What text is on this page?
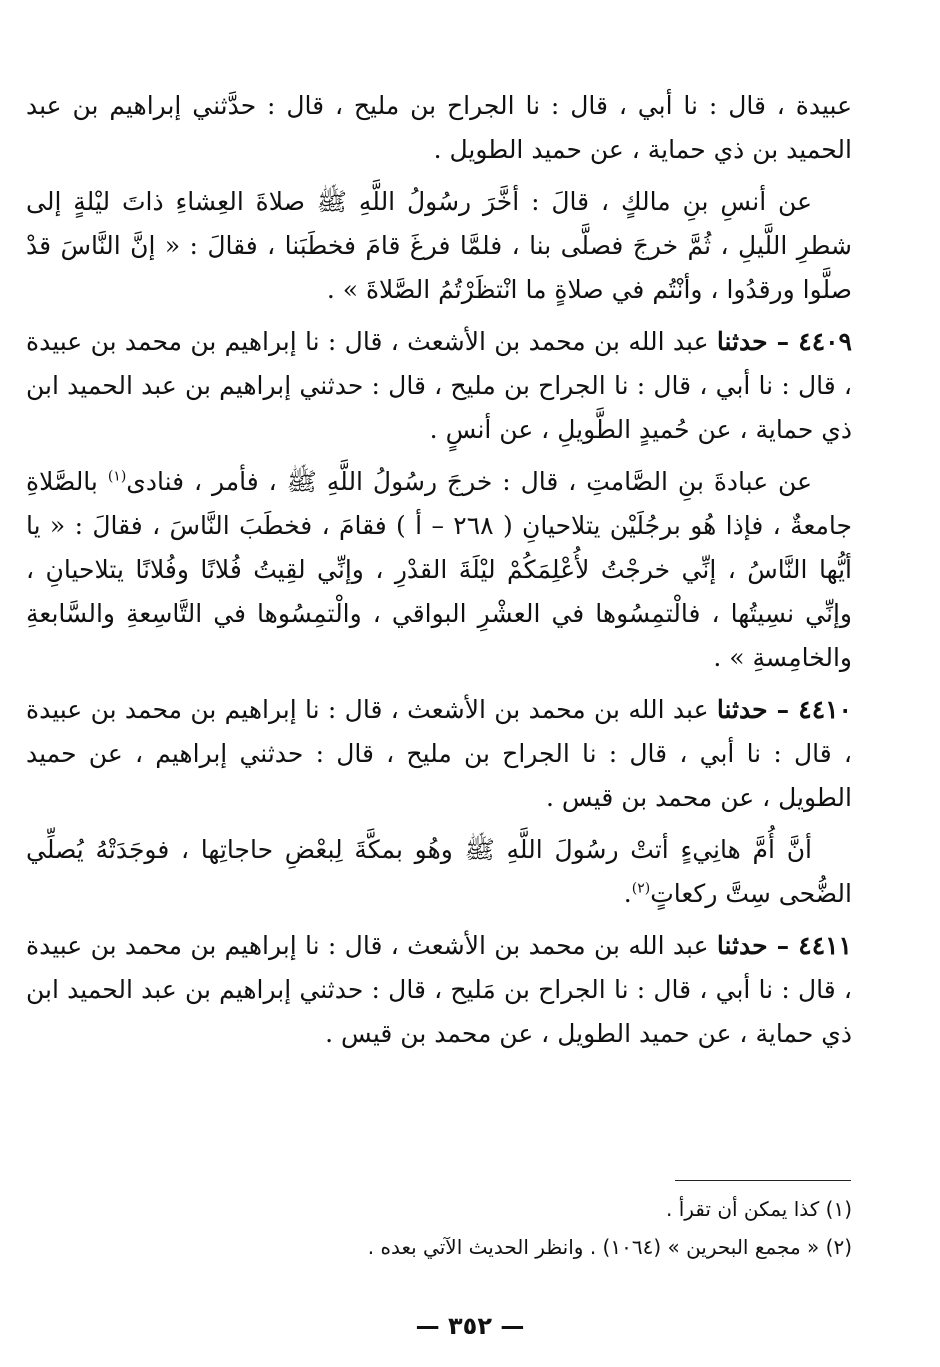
عبيدة ، قال : نا أبي ، قال : نا الجراح بن مليح ، قال : حدَّثني إبراهيم بن عبد الحميد بن ذي حماية ، عن حميد الطويل .

عن أنسِ بنِ مالكٍ ، قالَ : أخَّرَ رسُولُ اللَّهِ ﷺ صلاةَ العِشاءِ ذاتَ ليْلةٍ إلى شطرِ اللَّيلِ ، ثُمَّ خرجَ فصلَّى بنا ، فلمَّا فرغَ قامَ فخطَبَنا ، فقالَ : « إنَّ النَّاسَ قدْ صلَّوا ورقدُوا ، وأنْتُم في صلاةٍ ما انْتظَرْتُمُ الصَّلاةَ » .

٤٤٠٩ – حدثنا عبد الله بن محمد بن الأشعث ، قال : نا إبراهيم بن محمد بن عبيدة ، قال : نا أبي ، قال : نا الجراح بن مليح ، قال : حدثني إبراهيم بن عبد الحميد ابن ذي حماية ، عن حُميدٍ الطَّويلِ ، عن أنسٍ .

عن عبادةَ بنِ الصَّامتِ ، قال : خرجَ رسُولُ اللَّهِ ﷺ ، فأمر ، فنادى$^{(١)}$ بالصَّلاةِ جامعةٌ ، فإذا هُو برجُلَيْن يتلاحيانِ ( ٢٦٨ – أ ) فقامَ ، فخطَبَ النَّاسَ ، فقالَ : « يا أيُّها النَّاسُ ، إنِّي خرجْتُ لأُعْلِمَكُمْ ليْلَةَ القدْرِ ، وإنِّي لقِيتُ فُلانًا وفُلانًا يتلاحيانِ ، وإنِّي نسِيتُها ، فالْتمِسُوها في العشْرِ البواقي ، والْتمِسُوها في التَّاسِعةِ والسَّابعةِ والخامِسةِ » .

٤٤١٠ – حدثنا عبد الله بن محمد بن الأشعث ، قال : نا إبراهيم بن محمد بن عبيدة ، قال : نا أبي ، قال : نا الجراح بن مليح ، قال : حدثني إبراهيم ، عن حميد الطويل ، عن محمد بن قيس .

أنَّ أُمَّ هانِيءٍ أتتْ رسُولَ اللَّهِ ﷺ وهُو بمكَّةَ لِبعْضِ حاجاتِها ، فوجَدَتْهُ يُصلِّي الضُّحى سِتَّ ركعاتٍ$^{(٢)}$.

٤٤١١ – حدثنا عبد الله بن محمد بن الأشعث ، قال : نا إبراهيم بن محمد بن عبيدة ، قال : نا أبي ، قال : نا الجراح بن مَليح ، قال : حدثني إبراهيم بن عبد الحميد ابن ذي حماية ، عن حميد الطويل ، عن محمد بن قيس .

(١) كذا يمكن أن تقرأ .

(٢) « مجمع البحرين » (١٠٦٤) . وانظر الحديث الآتي بعده .

— ٣٥٢ —
